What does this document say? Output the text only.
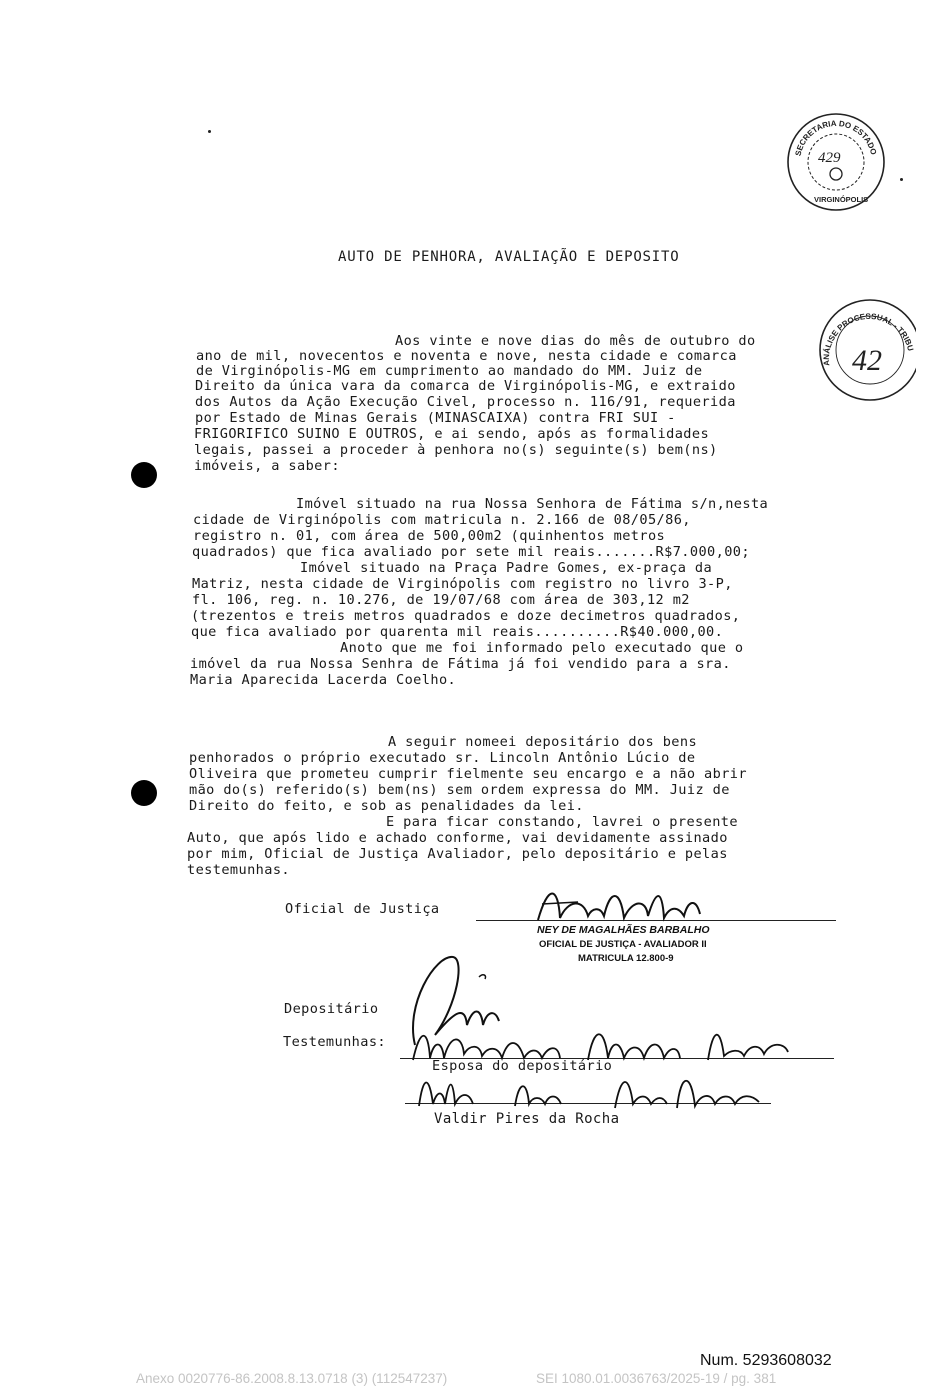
SECRETARIA DO ESTADO
VIRGINÓPOLIS
429
AUTO DE PENHORA, AVALIAÇÃO E DEPOSITO
ANÁLISE PROCESSUAL - TRIBU
42
Aos vinte e nove dias do mês de outubro do
ano de mil, novecentos e noventa e nove, nesta cidade e comarca
de Virginópolis-MG em cumprimento ao mandado do MM. Juiz de
Direito da única vara da comarca de Virginópolis-MG, e extraido
dos Autos da Ação Execução Civel, processo n. 116/91, requerida
por Estado de Minas Gerais (MINASCAIXA) contra FRI SUI -
FRIGORIFICO SUINO E OUTROS, e ai sendo, após as formalidades
legais, passei a proceder à penhora no(s) seguinte(s) bem(ns)
imóveis, a saber:
Imóvel situado na rua Nossa Senhora de Fátima s/n,nesta
cidade de Virginópolis com matricula n. 2.166 de 08/05/86,
registro n. 01, com área de 500,00m2 (quinhentos metros
quadrados) que fica avaliado por sete mil reais.......R$7.000,00;
Imóvel situado na Praça Padre Gomes, ex-praça da
Matriz, nesta cidade de Virginópolis com registro no livro 3-P,
fl. 106, reg. n. 10.276, de 19/07/68 com área de 303,12 m2
(trezentos e treis metros quadrados e doze decimetros quadrados,
que fica avaliado por quarenta mil reais..........R$40.000,00.
Anoto que me foi informado pelo executado que o
imóvel da rua Nossa Senhra de Fátima já foi vendido para a sra.
Maria Aparecida Lacerda Coelho.
A seguir nomeei depositário dos bens
penhorados o próprio executado sr. Lincoln Antônio Lúcio de
Oliveira que prometeu cumprir fielmente seu encargo e a não abrir
mão do(s) referido(s) bem(ns) sem ordem expressa do MM. Juiz de
Direito do feito, e sob as penalidades da lei.
E para ficar constando, lavrei o presente
Auto, que após lido e achado conforme, vai devidamente assinado
por mim, Oficial de Justiça Avaliador, pelo depositário e pelas
testemunhas.
Oficial de Justiça
NEY DE MAGALHÃES BARBALHO
OFICIAL DE JUSTIÇA - AVALIADOR II
MATRICULA 12.800-9
Depositário
Testemunhas:
Esposa do depositário
Valdir Pires da Rocha
Num. 5293608032
Anexo 0020776-86.2008.8.13.0718 (3) (112547237)	SEI 1080.01.0036763/2025-19 / pg. 381
